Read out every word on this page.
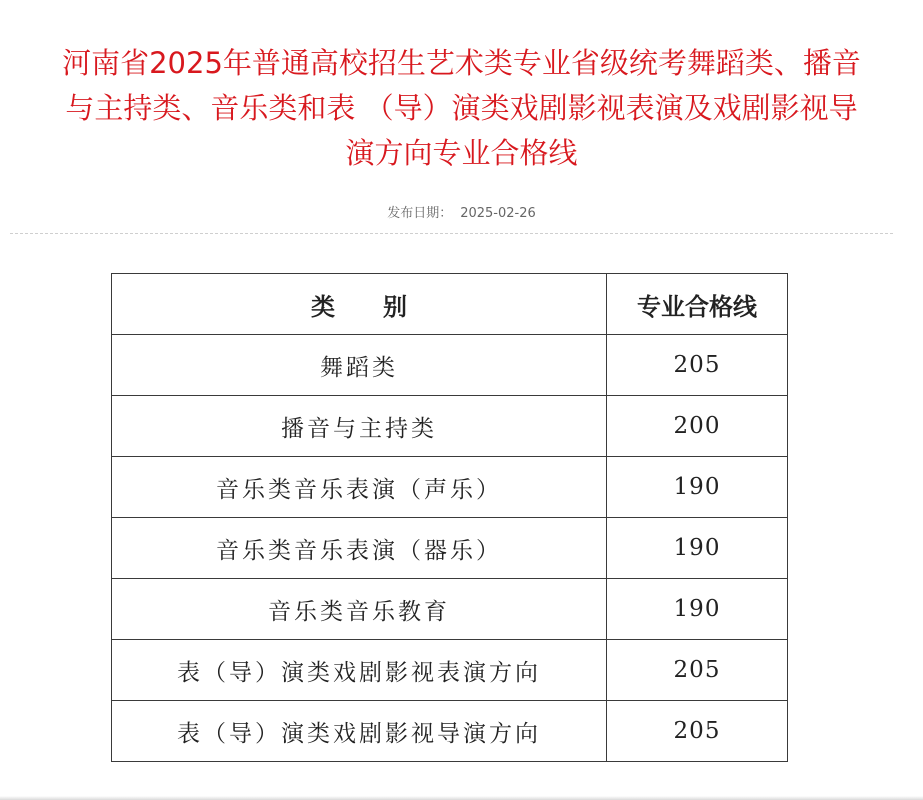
河南省2025年普通高校招生艺术类专业省级统考舞蹈类、播音
与主持类、音乐类和表 （导）演类戏剧影视表演及戏剧影视导
演方向专业合格线
发布日期： 2025-02-26
类　　别	专业合格线
舞蹈类	205
播音与主持类	200
音乐类音乐表演（声乐）	190
音乐类音乐表演（器乐）	190
音乐类音乐教育	190
表（导）演类戏剧影视表演方向	205
表（导）演类戏剧影视导演方向	205
